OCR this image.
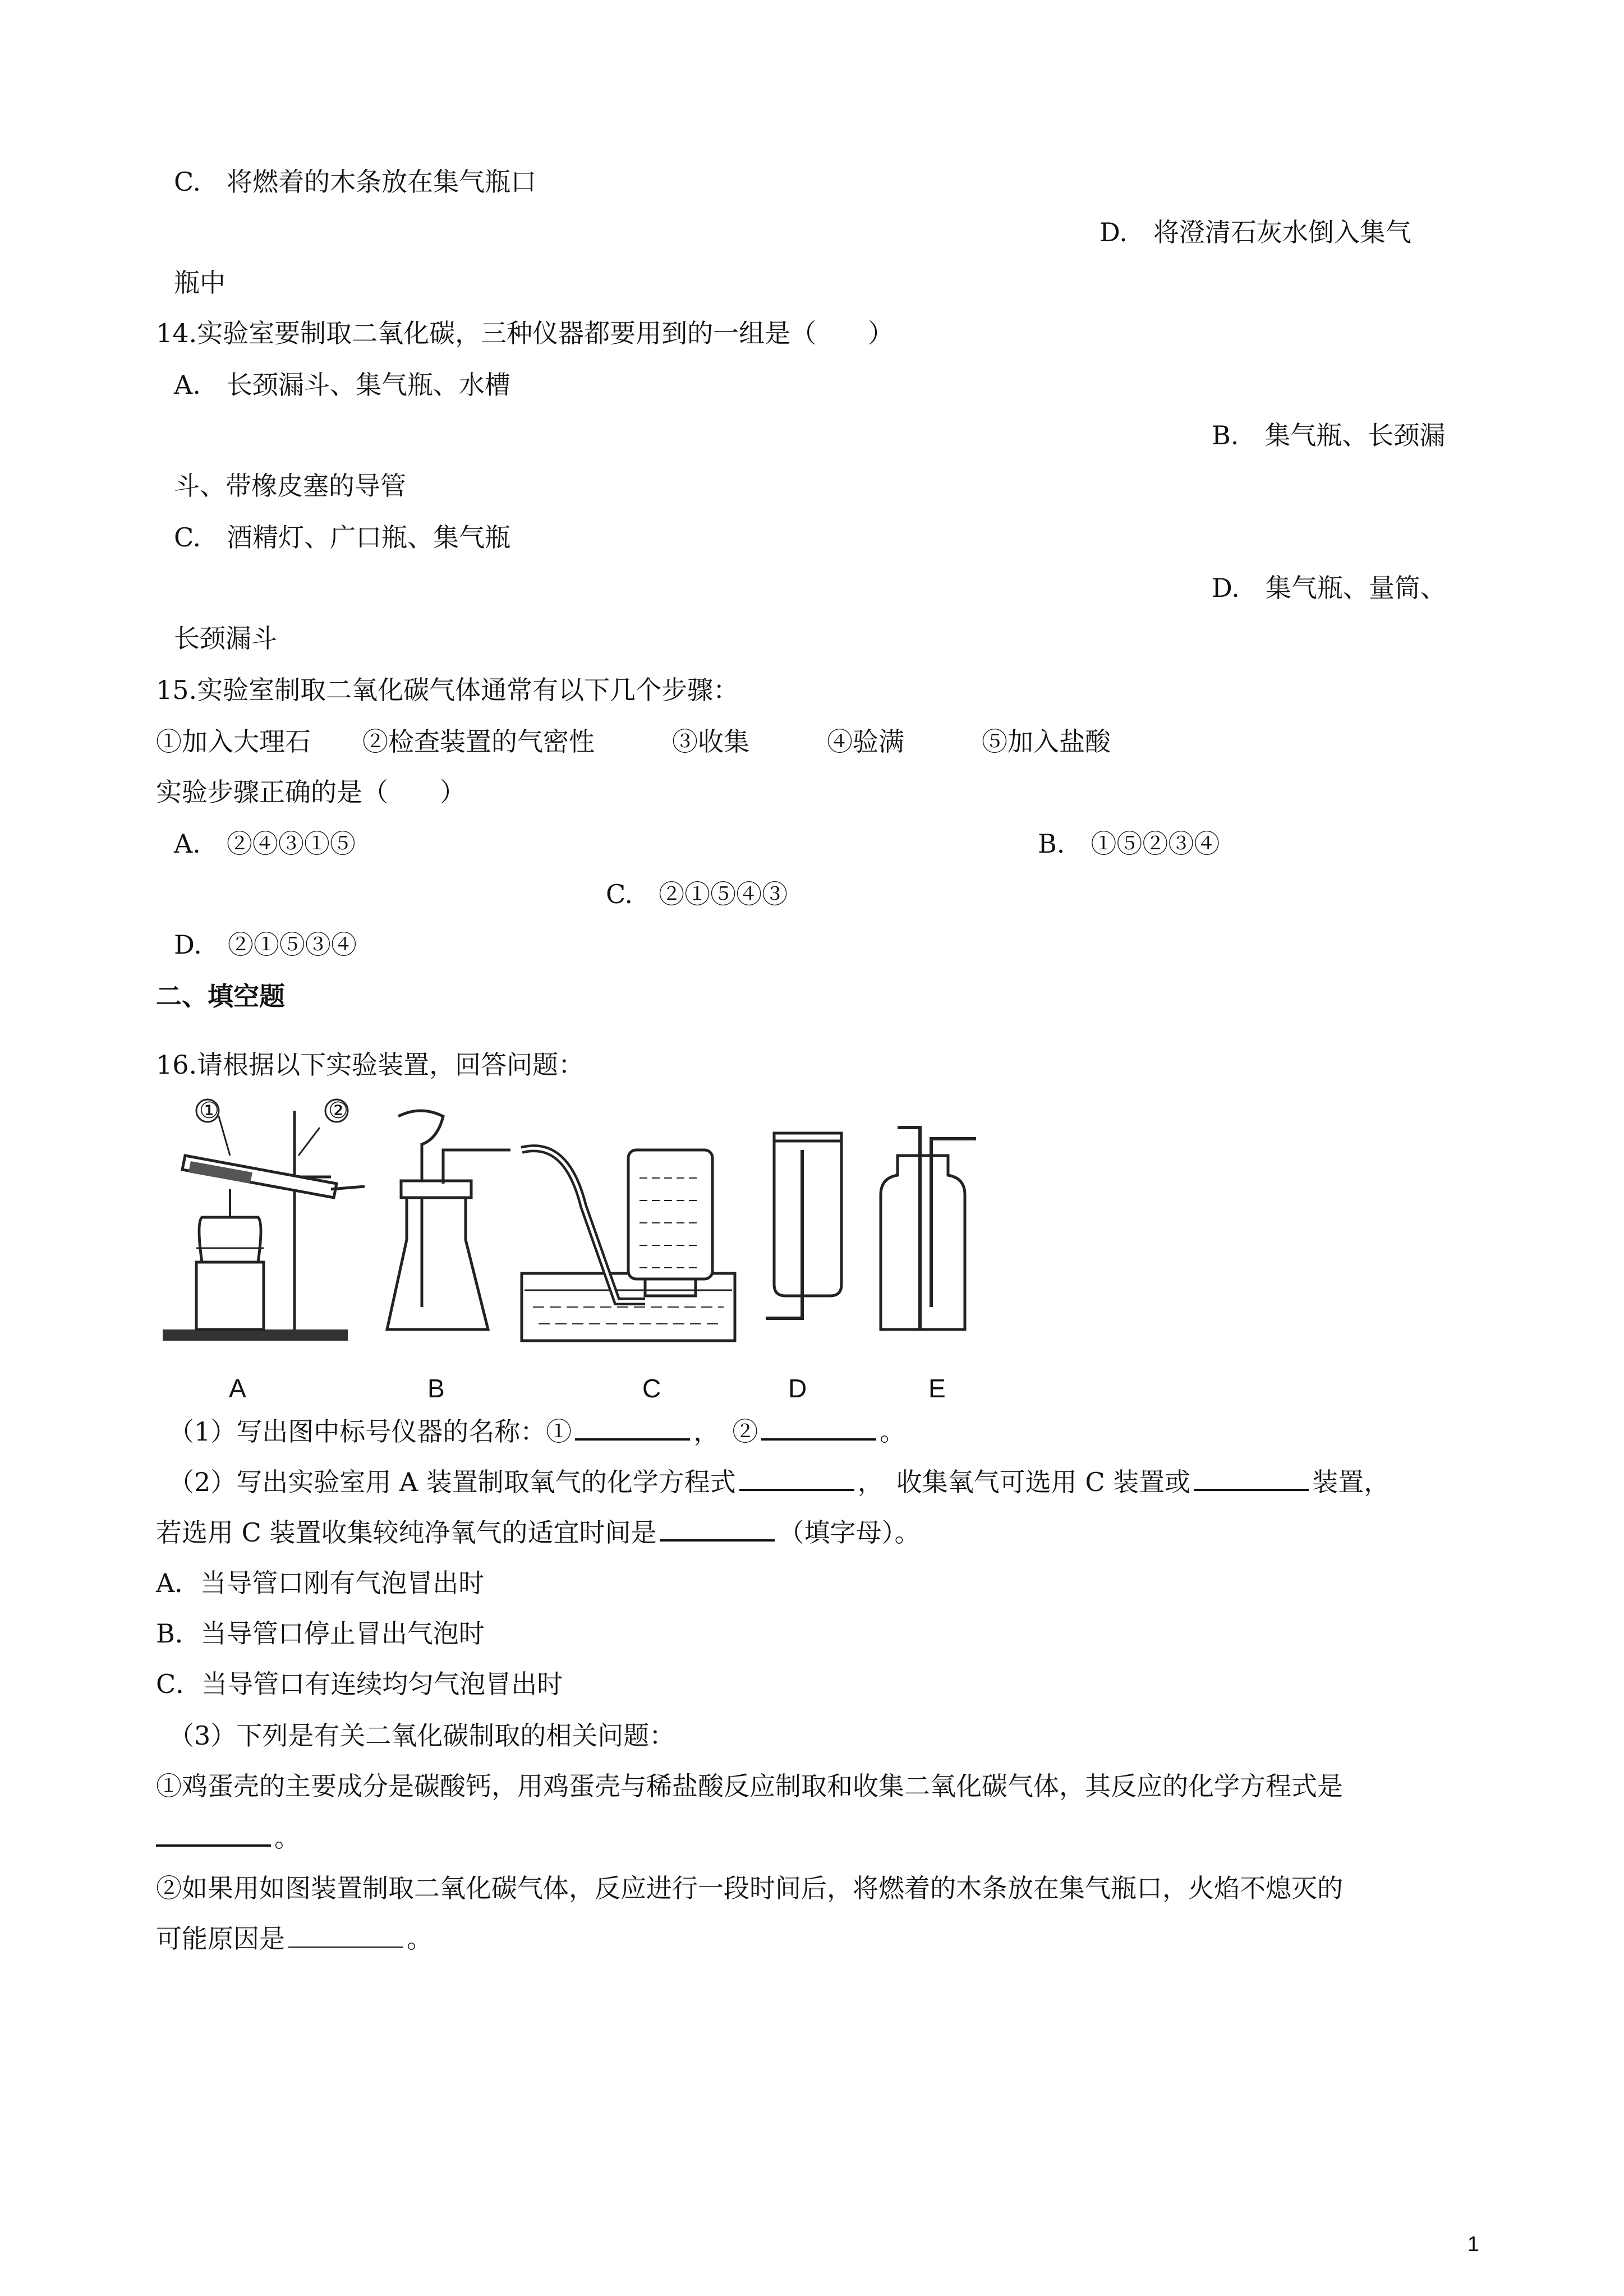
C.　将燃着的木条放在集气瓶口
D.　将澄清石灰水倒入集气
瓶中
14.实验室要制取二氧化碳，三种仪器都要用到的一组是（　　）
A.　长颈漏斗、集气瓶、水槽
B.　集气瓶、长颈漏
斗、带橡皮塞的导管
C.　酒精灯、广口瓶、集气瓶
D.　集气瓶、量筒、
长颈漏斗
15.实验室制取二氧化碳气体通常有以下几个步骤：
①加入大理石　　②检查装置的气密性　　　③收集　　　④验满　　　⑤加入盐酸
实验步骤正确的是（　　）
A.　②④③①⑤	B.　①⑤②③④
C.　②①⑤④③
D.　②①⑤③④
二、填空题
16.请根据以下实验装置，回答问题：
A	B	C	D	E
①	②
（1）写出图中标号仪器的名称：①	，　②	。
（2）写出实验室用 A 装置制取氧气的化学方程式	，　收集氧气可选用 C 装置或	装置，
若选用 C 装置收集较纯净氧气的适宜时间是	（填字母）。
A．当导管口刚有气泡冒出时
B．当导管口停止冒出气泡时
C．当导管口有连续均匀气泡冒出时
（3）下列是有关二氧化碳制取的相关问题：
①鸡蛋壳的主要成分是碳酸钙，用鸡蛋壳与稀盐酸反应制取和收集二氧化碳气体，其反应的化学方程式是
。
②如果用如图装置制取二氧化碳气体，反应进行一段时间后，将燃着的木条放在集气瓶口，火焰不熄灭的
可能原因是	。
1
